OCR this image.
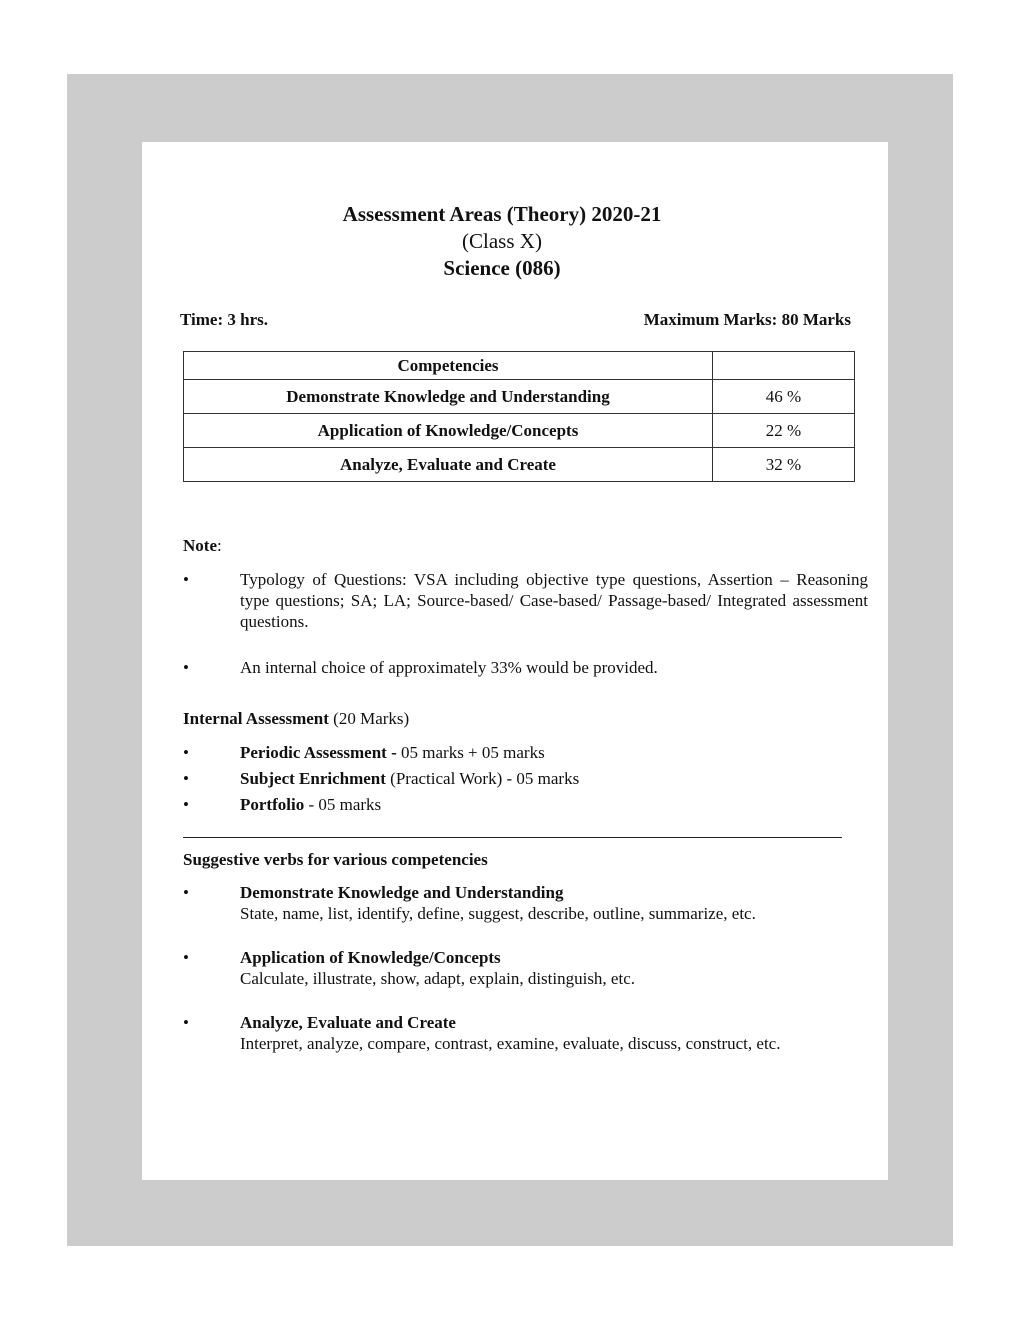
Assessment Areas (Theory) 2020-21
(Class X)
Science (086)
Time: 3 hrs.	Maximum Marks: 80 Marks
Competencies	
Demonstrate Knowledge and Understanding	46 %
Application of Knowledge/Concepts	22 %
Analyze, Evaluate and Create	32 %
Note:
•	Typology of Questions: VSA including objective type questions, Assertion – Reasoning type questions; SA; LA; Source-based/ Case-based/ Passage-based/ Integrated assessment questions.
•	An internal choice of approximately 33% would be provided.
Internal Assessment (20 Marks)
•	Periodic Assessment - 05 marks + 05 marks
•	Subject Enrichment (Practical Work) - 05 marks
•	Portfolio - 05 marks
Suggestive verbs for various competencies
•	Demonstrate Knowledge and Understanding
State, name, list, identify, define, suggest, describe, outline, summarize, etc.
•	Application of Knowledge/Concepts
Calculate, illustrate, show, adapt, explain, distinguish, etc.
•	Analyze, Evaluate and Create
Interpret, analyze, compare, contrast, examine, evaluate, discuss, construct, etc.
